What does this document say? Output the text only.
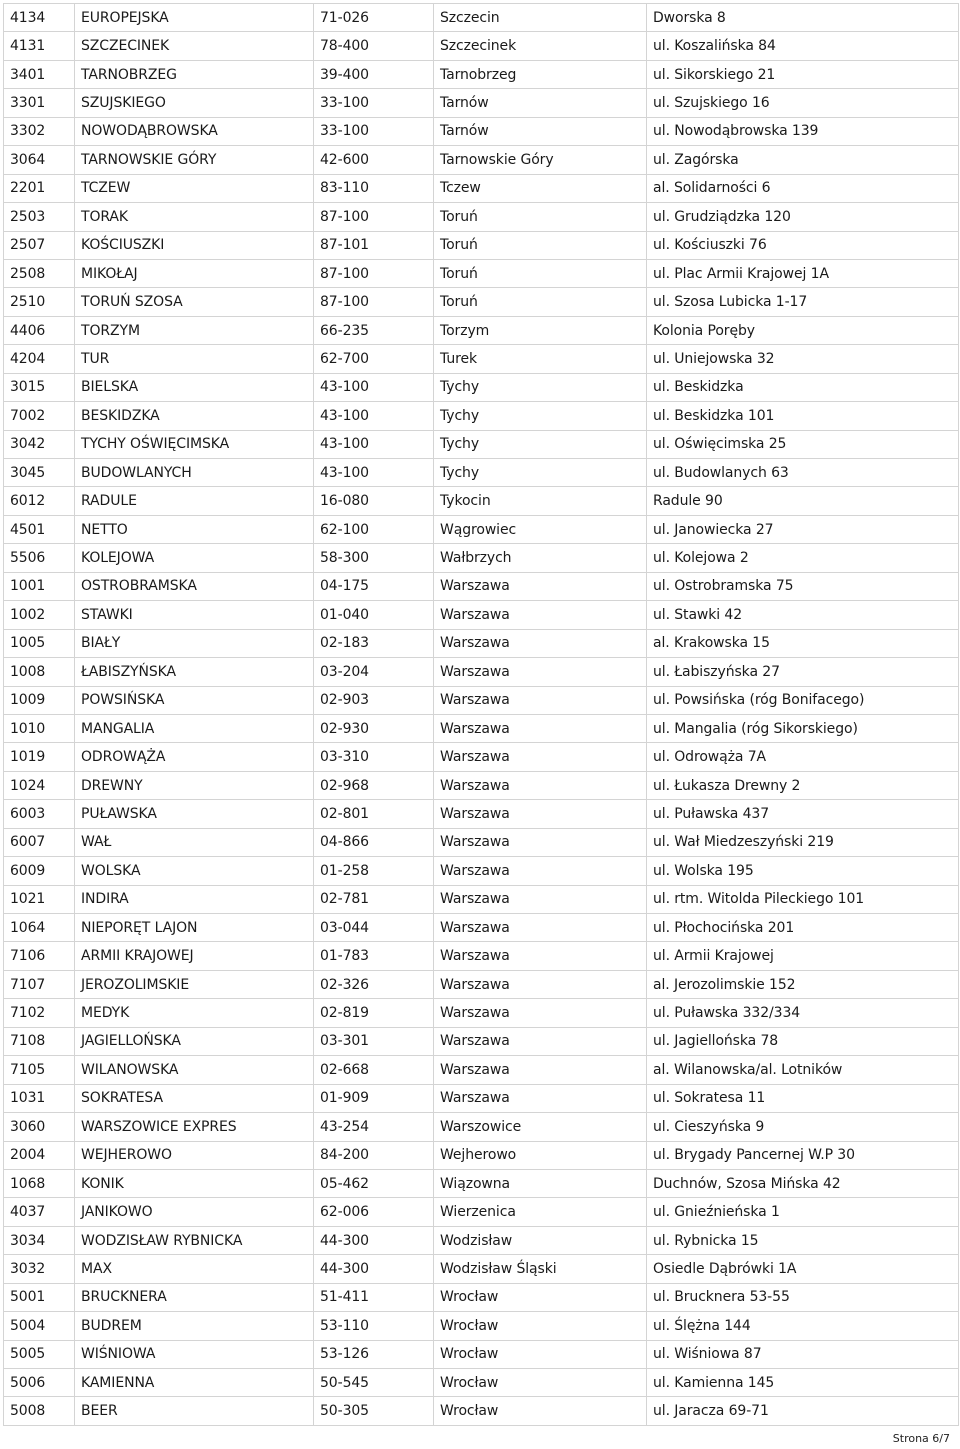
4134	EUROPEJSKA	71-026	Szczecin	Dworska 8
4131	SZCZECINEK	78-400	Szczecinek	ul. Koszalińska 84
3401	TARNOBRZEG	39-400	Tarnobrzeg	ul. Sikorskiego 21
3301	SZUJSKIEGO	33-100	Tarnów	ul. Szujskiego 16
3302	NOWODĄBROWSKA	33-100	Tarnów	ul. Nowodąbrowska 139
3064	TARNOWSKIE GÓRY	42-600	Tarnowskie Góry	ul. Zagórska
2201	TCZEW	83-110	Tczew	al. Solidarności 6
2503	TORAK	87-100	Toruń	ul. Grudziądzka 120
2507	KOŚCIUSZKI	87-101	Toruń	ul. Kościuszki 76
2508	MIKOŁAJ	87-100	Toruń	ul. Plac Armii Krajowej 1A
2510	TORUŃ SZOSA	87-100	Toruń	ul. Szosa Lubicka 1-17
4406	TORZYM	66-235	Torzym	Kolonia Poręby
4204	TUR	62-700	Turek	ul. Uniejowska 32
3015	BIELSKA	43-100	Tychy	ul. Beskidzka
7002	BESKIDZKA	43-100	Tychy	ul. Beskidzka 101
3042	TYCHY OŚWIĘCIMSKA	43-100	Tychy	ul. Oświęcimska 25
3045	BUDOWLANYCH	43-100	Tychy	ul. Budowlanych 63
6012	RADULE	16-080	Tykocin	Radule 90
4501	NETTO	62-100	Wągrowiec	ul. Janowiecka 27
5506	KOLEJOWA	58-300	Wałbrzych	ul. Kolejowa 2
1001	OSTROBRAMSKA	04-175	Warszawa	ul. Ostrobramska 75
1002	STAWKI	01-040	Warszawa	ul. Stawki 42
1005	BIAŁY	02-183	Warszawa	al. Krakowska 15
1008	ŁABISZYŃSKA	03-204	Warszawa	ul. Łabiszyńska 27
1009	POWSIŃSKA	02-903	Warszawa	ul. Powsińska (róg Bonifacego)
1010	MANGALIA	02-930	Warszawa	ul. Mangalia (róg Sikorskiego)
1019	ODROWĄŻA	03-310	Warszawa	ul. Odrowąża 7A
1024	DREWNY	02-968	Warszawa	ul. Łukasza Drewny 2
6003	PUŁAWSKA	02-801	Warszawa	ul. Puławska 437
6007	WAŁ	04-866	Warszawa	ul. Wał Miedzeszyński 219
6009	WOLSKA	01-258	Warszawa	ul. Wolska 195
1021	INDIRA	02-781	Warszawa	ul. rtm. Witolda Pileckiego 101
1064	NIEPORĘT LAJON	03-044	Warszawa	ul. Płochocińska 201
7106	ARMII KRAJOWEJ	01-783	Warszawa	ul. Armii Krajowej
7107	JEROZOLIMSKIE	02-326	Warszawa	al. Jerozolimskie 152
7102	MEDYK	02-819	Warszawa	ul. Puławska 332/334
7108	JAGIELLOŃSKA	03-301	Warszawa	ul. Jagiellońska 78
7105	WILANOWSKA	02-668	Warszawa	al. Wilanowska/al. Lotników
1031	SOKRATESA	01-909	Warszawa	ul. Sokratesa 11
3060	WARSZOWICE EXPRES	43-254	Warszowice	ul. Cieszyńska 9
2004	WEJHEROWO	84-200	Wejherowo	ul. Brygady Pancernej W.P 30
1068	KONIK	05-462	Wiązowna	Duchnów, Szosa Mińska 42
4037	JANIKOWO	62-006	Wierzenica	ul. Gnieźnieńska 1
3034	WODZISŁAW RYBNICKA	44-300	Wodzisław	ul. Rybnicka 15
3032	MAX	44-300	Wodzisław Śląski	Osiedle Dąbrówki 1A
5001	BRUCKNERA	51-411	Wrocław	ul. Brucknera 53-55
5004	BUDREM	53-110	Wrocław	ul. Ślężna 144
5005	WIŚNIOWA	53-126	Wrocław	ul. Wiśniowa 87
5006	KAMIENNA	50-545	Wrocław	ul. Kamienna 145
5008	BEER	50-305	Wrocław	ul. Jaracza 69-71
Strona 6/7
